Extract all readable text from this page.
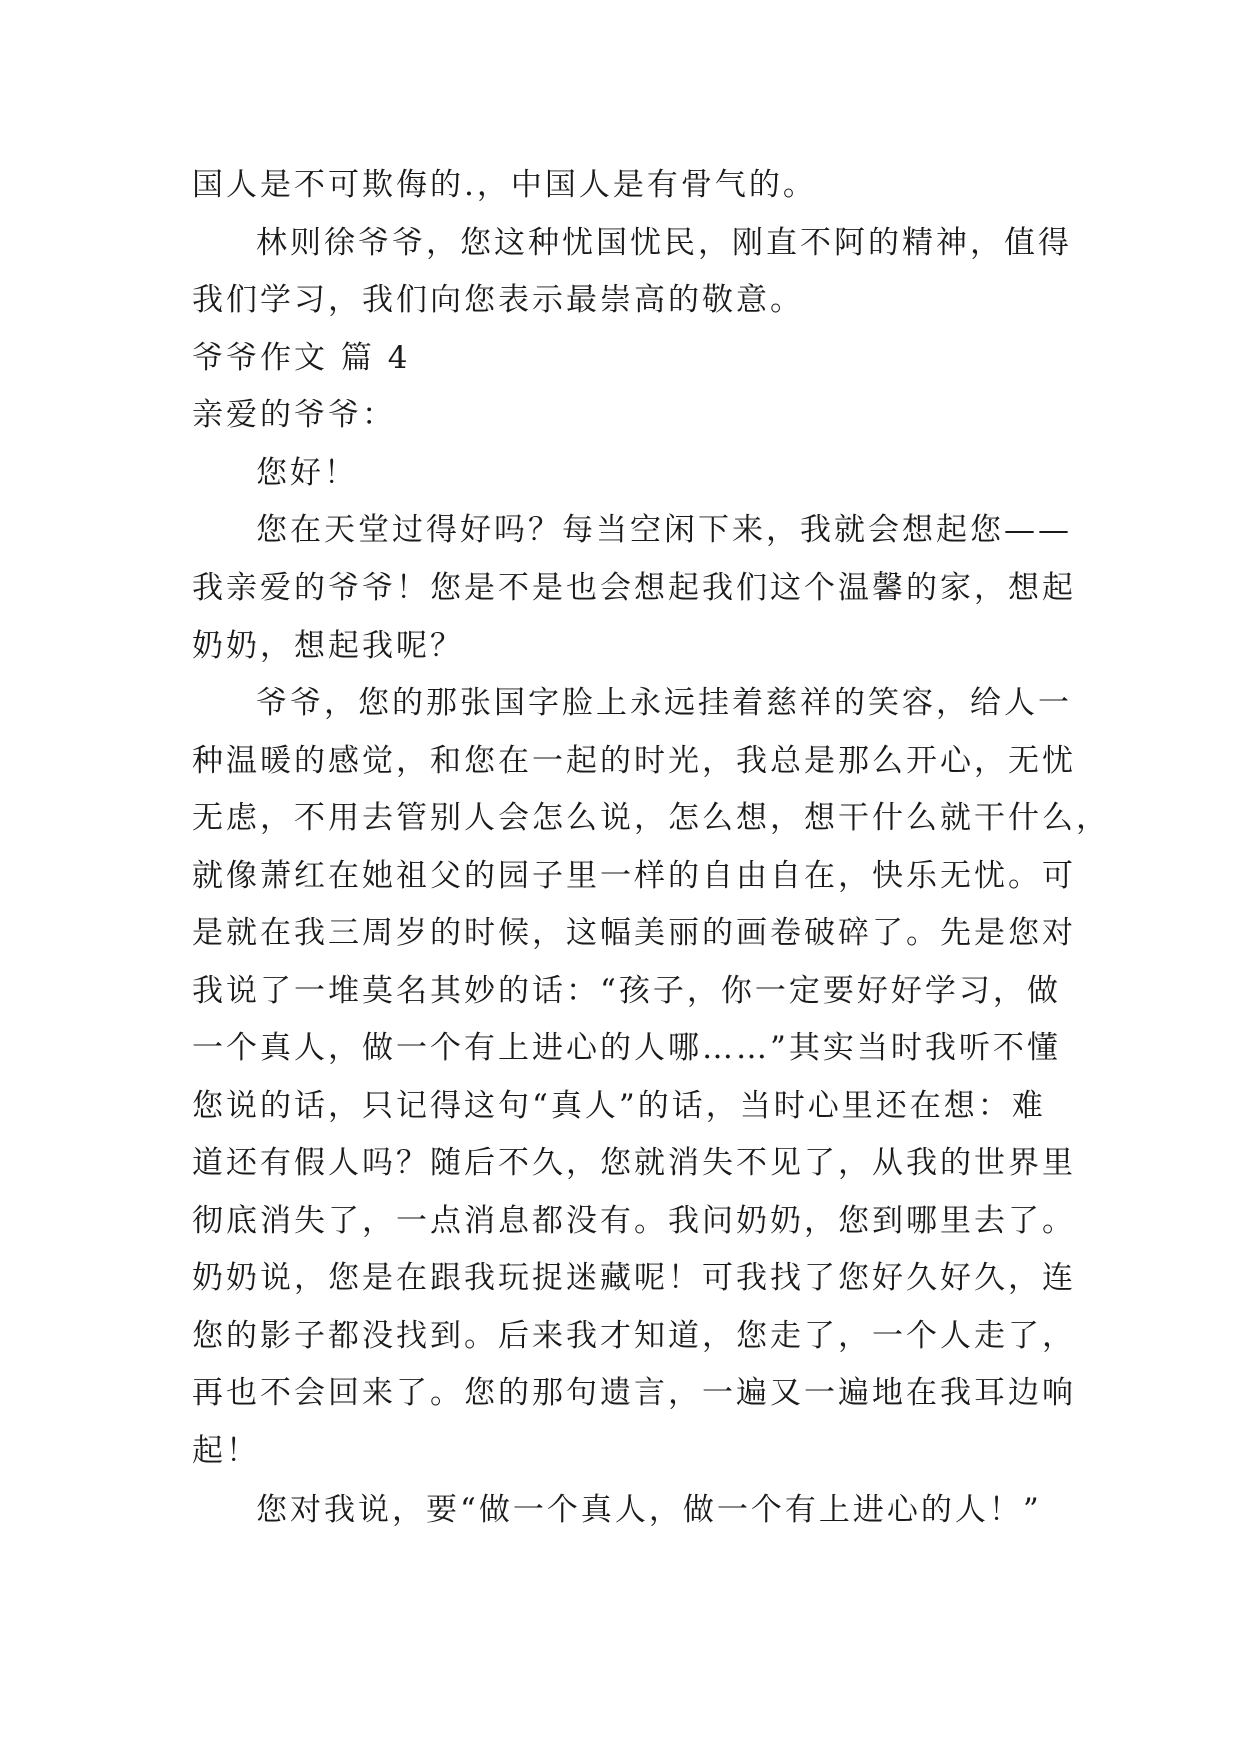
国人是不可欺侮的.，中国人是有骨气的。

林则徐爷爷，您这种忧国忧民，刚直不阿的精神，值得

我们学习，我们向您表示最崇高的敬意。

爷爷作文 篇 4

亲爱的爷爷：

您好！

您在天堂过得好吗？每当空闲下来，我就会想起您——

我亲爱的爷爷！您是不是也会想起我们这个温馨的家，想起

奶奶，想起我呢？

爷爷，您的那张国字脸上永远挂着慈祥的笑容，给人一

种温暖的感觉，和您在一起的时光，我总是那么开心，无忧

无虑，不用去管别人会怎么说，怎么想，想干什么就干什么，

就像萧红在她祖父的园子里一样的自由自在，快乐无忧。可

是就在我三周岁的时候，这幅美丽的画卷破碎了。先是您对

我说了一堆莫名其妙的话：“孩子，你一定要好好学习，做

一个真人，做一个有上进心的人哪……”其实当时我听不懂

您说的话，只记得这句“真人”的话，当时心里还在想：难

道还有假人吗？随后不久，您就消失不见了，从我的世界里

彻底消失了，一点消息都没有。我问奶奶，您到哪里去了。

奶奶说，您是在跟我玩捉迷藏呢！可我找了您好久好久，连

您的影子都没找到。后来我才知道，您走了，一个人走了，

再也不会回来了。您的那句遗言，一遍又一遍地在我耳边响

起！

您对我说，要“做一个真人，做一个有上进心的人！”
